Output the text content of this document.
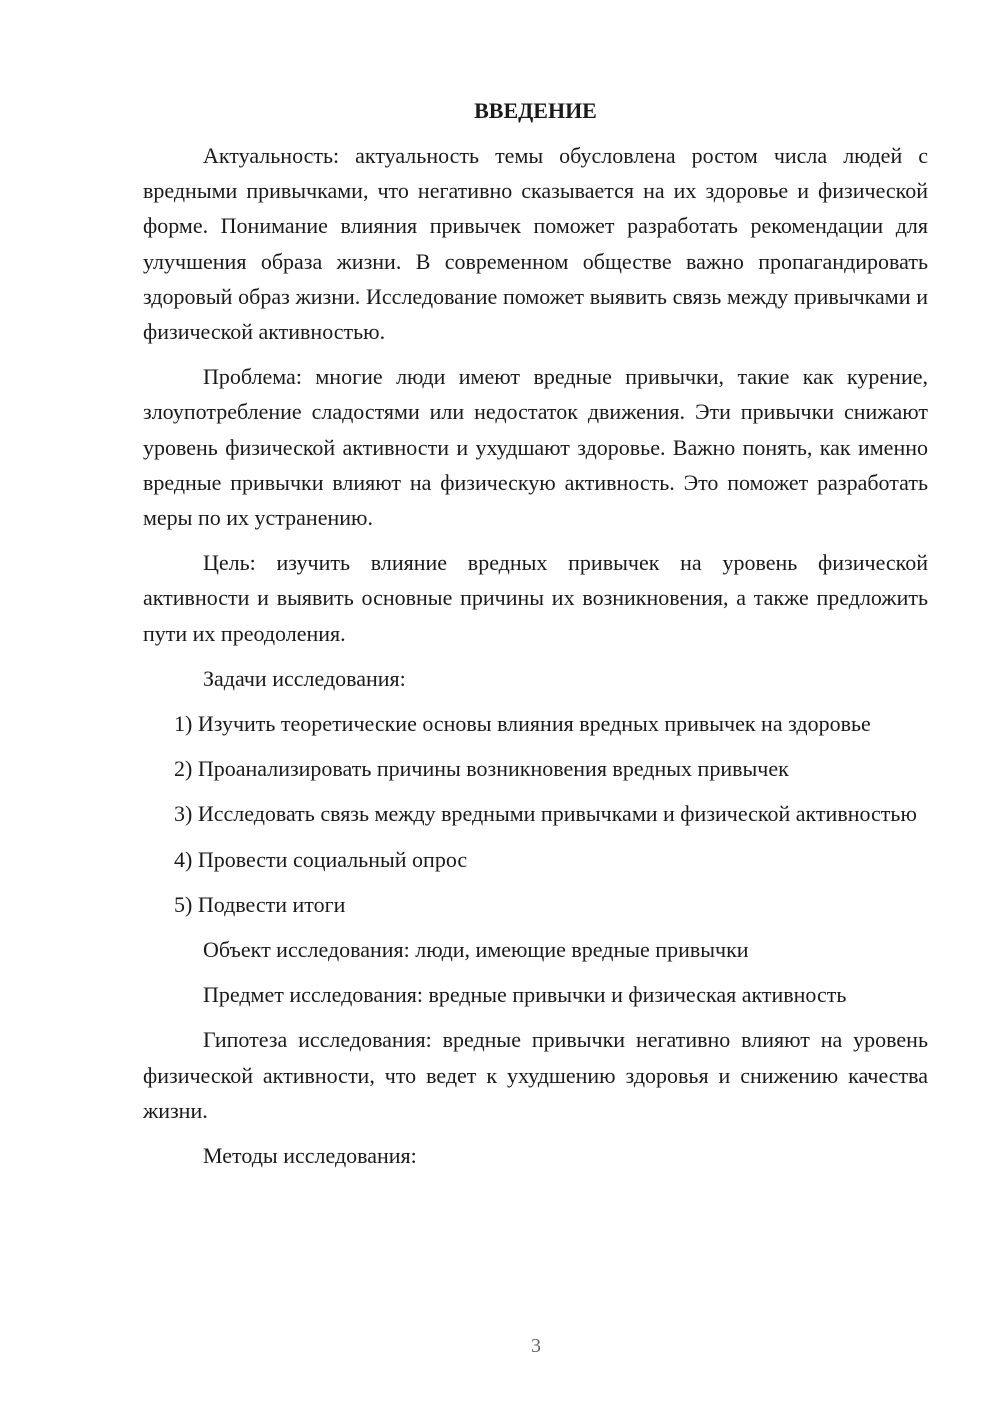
ВВЕДЕНИЕ

Актуальность: актуальность темы обусловлена ростом числа людей с вредными привычками, что негативно сказывается на их здоровье и физической форме. Понимание влияния привычек поможет разработать рекомендации для улучшения образа жизни. В современном обществе важно пропагандировать здоровый образ жизни. Исследование поможет выявить связь между привычками и физической активностью.

Проблема: многие люди имеют вредные привычки, такие как курение, злоупотребление сладостями или недостаток движения. Эти привычки снижают уровень физической активности и ухудшают здоровье. Важно понять, как именно вредные привычки влияют на физическую активность. Это поможет разработать меры по их устранению.

Цель: изучить влияние вредных привычек на уровень физической активности и выявить основные причины их возникновения, а также предложить пути их преодоления.

Задачи исследования:

1) Изучить теоретические основы влияния вредных привычек на здоровье

2) Проанализировать причины возникновения вредных привычек

3) Исследовать связь между вредными привычками и физической активностью

4) Провести социальный опрос

5) Подвести итоги

Объект исследования: люди, имеющие вредные привычки

Предмет исследования: вредные привычки и физическая активность

Гипотеза исследования: вредные привычки негативно влияют на уровень физической активности, что ведет к ухудшению здоровья и снижению качества жизни.

Методы исследования:

3
